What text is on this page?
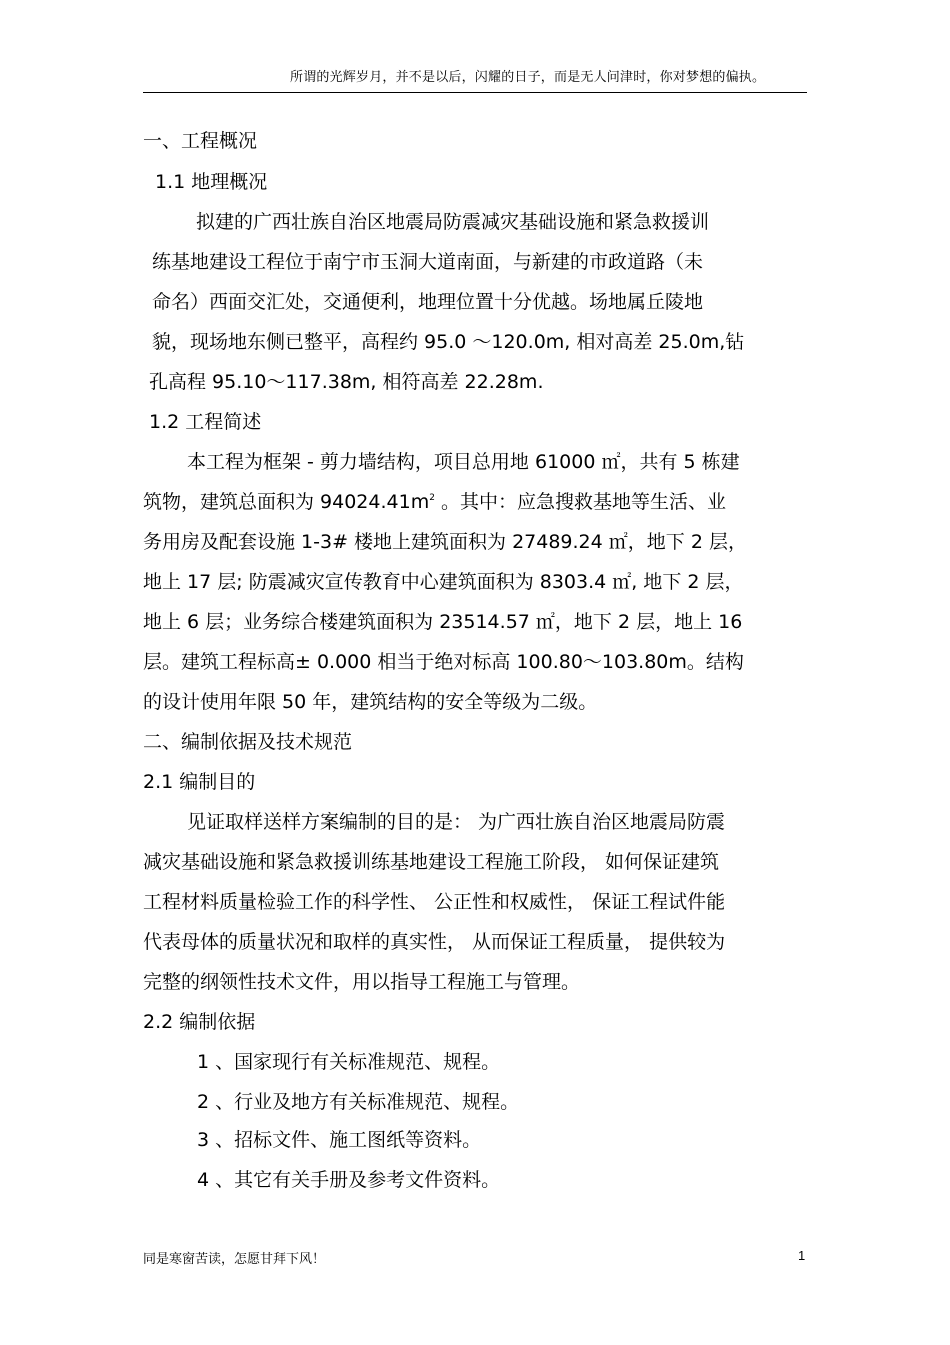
所谓的光辉岁月，并不是以后，闪耀的日子，而是无人问津时，你对梦想的偏执。
一、工程概况
1.1 地理概况
拟建的广西壮族自治区地震局防震减灾基础设施和紧急救援训
练基地建设工程位于南宁市玉洞大道南面，与新建的市政道路（未
命名）西面交汇处，交通便利，地理位置十分优越。场地属丘陵地
貌，现场地东侧已整平，高程约 95.0 ～120.0m, 相对高差 25.0m,钻
孔高程 95.10～117.38m, 相符高差 22.28m.
1.2 工程简述
本工程为框架 - 剪力墙结构，项目总用地 61000 ㎡，共有 5 栋建
筑物，建筑总面积为 $94024.41m^2$ 。其中：应急搜救基地等生活、业
务用房及配套设施 1-3# 楼地上建筑面积为 27489.24 ㎡，地下 2 层，
地上 17 层; 防震减灾宣传教育中心建筑面积为 8303.4 ㎡, 地下 2 层，
地上 6 层；业务综合楼建筑面积为 23514.57 ㎡，地下 2 层，地上 16
层。建筑工程标高± 0.000 相当于绝对标高 100.80～103.80m。结构
的设计使用年限 50 年，建筑结构的安全等级为二级。
二、编制依据及技术规范
2.1 编制目的
见证取样送样方案编制的目的是： 为广西壮族自治区地震局防震
减灾基础设施和紧急救援训练基地建设工程施工阶段， 如何保证建筑
工程材料质量检验工作的科学性、 公正性和权威性， 保证工程试件能
代表母体的质量状况和取样的真实性， 从而保证工程质量， 提供较为
完整的纲领性技术文件，用以指导工程施工与管理。
2.2 编制依据
1 、国家现行有关标准规范、规程。
2 、行业及地方有关标准规范、规程。
3 、招标文件、施工图纸等资料。
4 、其它有关手册及参考文件资料。
同是寒窗苦读，怎愿甘拜下风！	1
